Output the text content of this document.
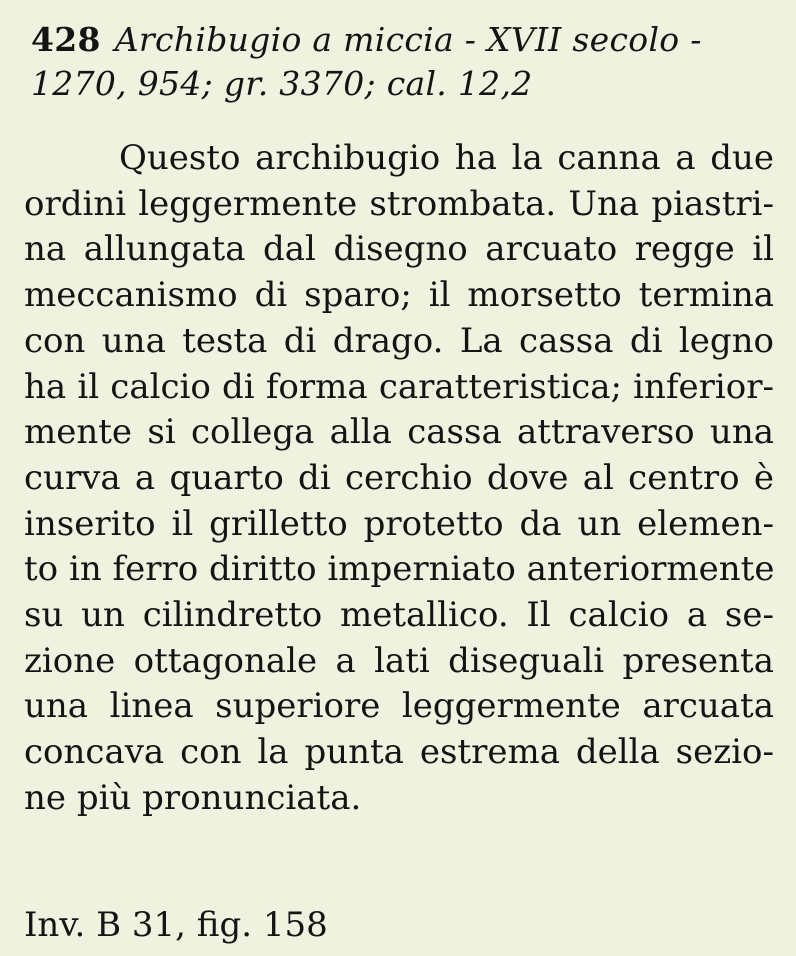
428 Archibugio a miccia - XVII secolo -
1270, 954; gr. 3370; cal. 12,2

Questo archibugio ha la canna a due
ordini leggermente strombata. Una piastri-
na allungata dal disegno arcuato regge il
meccanismo di sparo; il morsetto termina
con una testa di drago. La cassa di legno
ha il calcio di forma caratteristica; inferior-
mente si collega alla cassa attraverso una
curva a quarto di cerchio dove al centro è
inserito il grilletto protetto da un elemen-
to in ferro diritto imperniato anteriormente
su un cilindretto metallico. Il calcio a se-
zione ottagonale a lati diseguali presenta
una linea superiore leggermente arcuata
concava con la punta estrema della sezio-
ne più pronunciata.

Inv. B 31, fig. 158
